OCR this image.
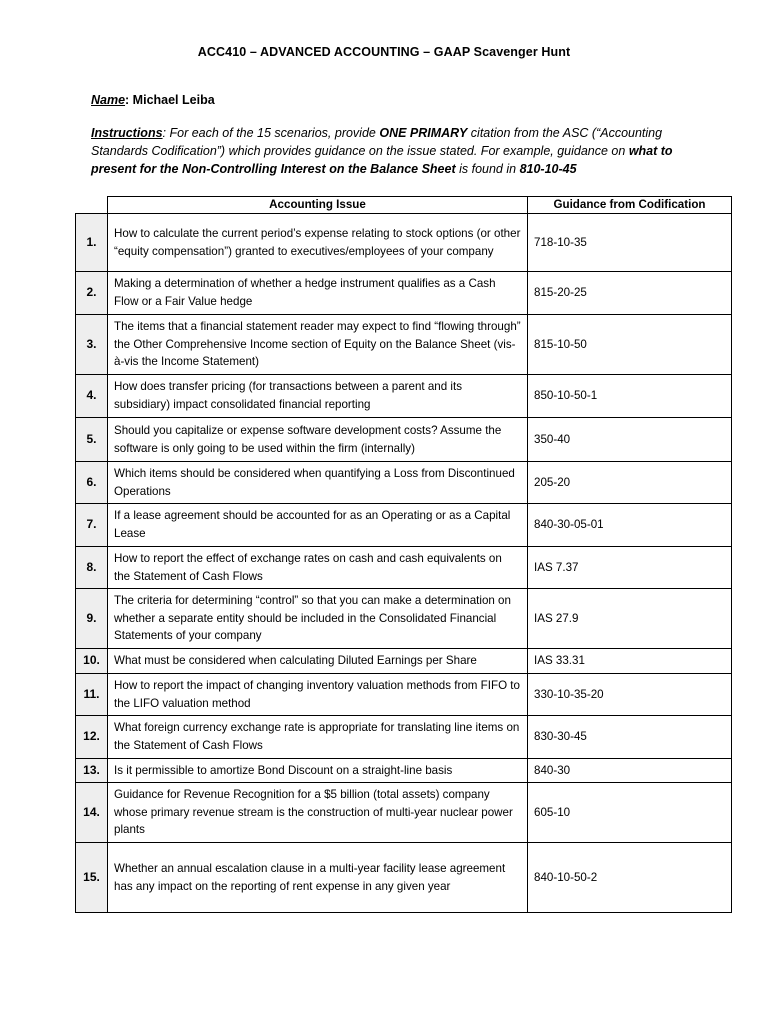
ACC410 – ADVANCED ACCOUNTING – GAAP Scavenger Hunt
Name: Michael Leiba
Instructions: For each of the 15 scenarios, provide ONE PRIMARY citation from the ASC (“Accounting Standards Codification”) which provides guidance on the issue stated. For example, guidance on what to present for the Non-Controlling Interest on the Balance Sheet is found in 810-10-45
	Accounting Issue	Guidance from Codification
1.	How to calculate the current period’s expense relating to stock options (or other “equity compensation”) granted to executives/employees of your company	718-10-35
2.	Making a determination of whether a hedge instrument qualifies as a Cash Flow or a Fair Value hedge	815-20-25
3.	The items that a financial statement reader may expect to find “flowing through” the Other Comprehensive Income section of Equity on the Balance Sheet (vis-à-vis the Income Statement)	815-10-50
4.	How does transfer pricing (for transactions between a parent and its subsidiary) impact consolidated financial reporting	850-10-50-1
5.	Should you capitalize or expense software development costs? Assume the software is only going to be used within the firm (internally)	350-40
6.	Which items should be considered when quantifying a Loss from Discontinued Operations	205-20
7.	If a lease agreement should be accounted for as an Operating or as a Capital Lease	840-30-05-01
8.	How to report the effect of exchange rates on cash and cash equivalents on the Statement of Cash Flows	IAS 7.37
9.	The criteria for determining “control” so that you can make a determination on whether a separate entity should be included in the Consolidated Financial Statements of your company	IAS 27.9
10.	What must be considered when calculating Diluted Earnings per Share	IAS 33.31
11.	How to report the impact of changing inventory valuation methods from FIFO to the LIFO valuation method	330-10-35-20
12.	What foreign currency exchange rate is appropriate for translating line items on the Statement of Cash Flows	830-30-45
13.	Is it permissible to amortize Bond Discount on a straight-line basis	840-30
14.	Guidance for Revenue Recognition for a $5 billion (total assets) company whose primary revenue stream is the construction of multi-year nuclear power plants	605-10
15.	Whether an annual escalation clause in a multi-year facility lease agreement has any impact on the reporting of rent expense in any given year	840-10-50-2
